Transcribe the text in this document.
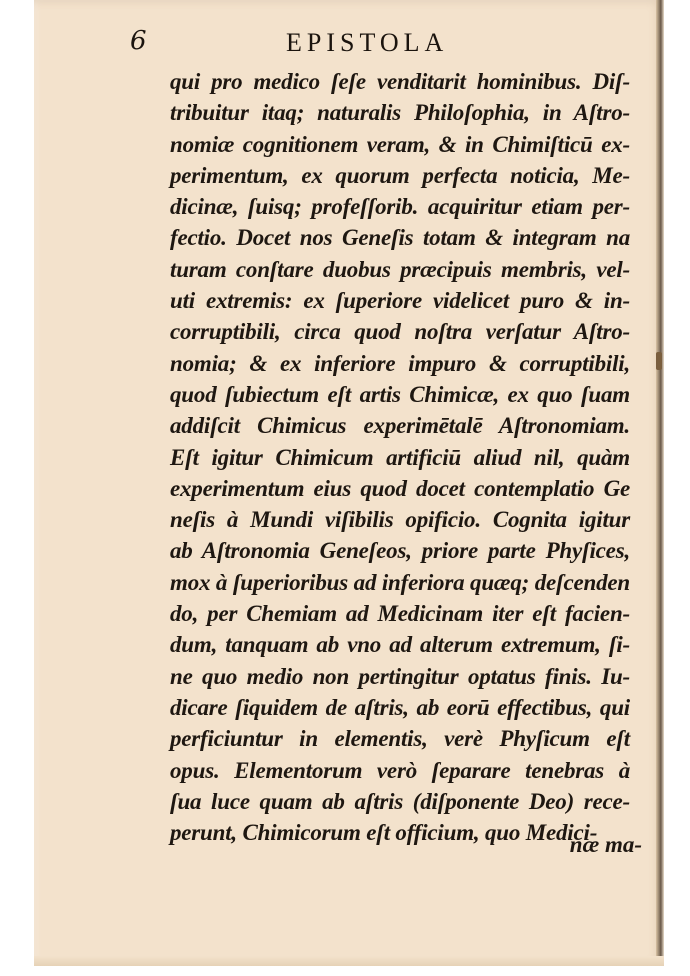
6	EPISTOLA
qui pro medico ſeſe venditarit hominibus. Diſ-
tribuitur itaq; naturalis Philoſophia, in Aſtro-
nomiæ cognitionem veram, & in Chimiſticū ex-
perimentum, ex quorum perfecta noticia, Me-
dicinæ, ſuisq; profeſſorib. acquiritur etiam per-
fectio. Docet nos Geneſis totam & integram na
turam conſtare duobus præcipuis membris, vel-
uti extremis: ex ſuperiore videlicet puro & in-
corruptibili, circa quod noſtra verſatur Aſtro-
nomia; & ex inferiore impuro & corruptibili,
quod ſubiectum eſt artis Chimicæ, ex quo ſuam
addiſcit Chimicus experimētalē Aſtronomiam.
Eſt igitur Chimicum artificiū aliud nil, quàm
experimentum eius quod docet contemplatio Ge
neſis à Mundi viſibilis opificio. Cognita igitur
ab Aſtronomia Geneſeos, priore parte Phyſices,
mox à ſuperioribus ad inferiora quæq; deſcenden
do, per Chemiam ad Medicinam iter eſt facien-
dum, tanquam ab vno ad alterum extremum, ſi-
ne quo medio non pertingitur optatus finis. Iu-
dicare ſiquidem de aſtris, ab eorū effectibus, qui
perficiuntur in elementis, verè Phyſicum eſt
opus. Elementorum verò ſeparare tenebras à
ſua luce quam ab aſtris (diſponente Deo) rece-
perunt, Chimicorum eſt officium, quo Medici-
næ ma-
